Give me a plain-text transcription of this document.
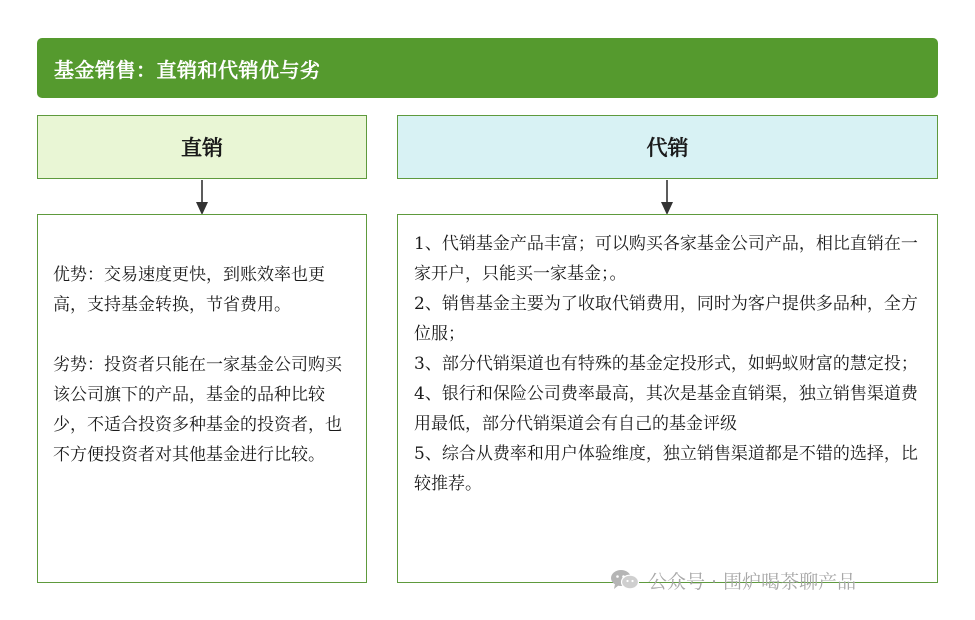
基金销售：直销和代销优与劣
直销	代销

优势：交易速度更快，到账效率也更高，支持基金转换，节省费用。

劣势：投资者只能在一家基金公司购买该公司旗下的产品，基金的品种比较少，不适合投资多种基金的投资者，也不方便投资者对其他基金进行比较。

1、代销基金产品丰富；可以购买各家基金公司产品，相比直销在一家开户，只能买一家基金；。

2、销售基金主要为了收取代销费用，同时为客户提供多品种，全方位服；

3、部分代销渠道也有特殊的基金定投形式，如蚂蚁财富的慧定投；

4、银行和保险公司费率最高，其次是基金直销渠，独立销售渠道费用最低，部分代销渠道会有自己的基金评级

5、综合从费率和用户体验维度，独立销售渠道都是不错的选择，比较推荐。

公众号 · 围炉喝茶聊产品
